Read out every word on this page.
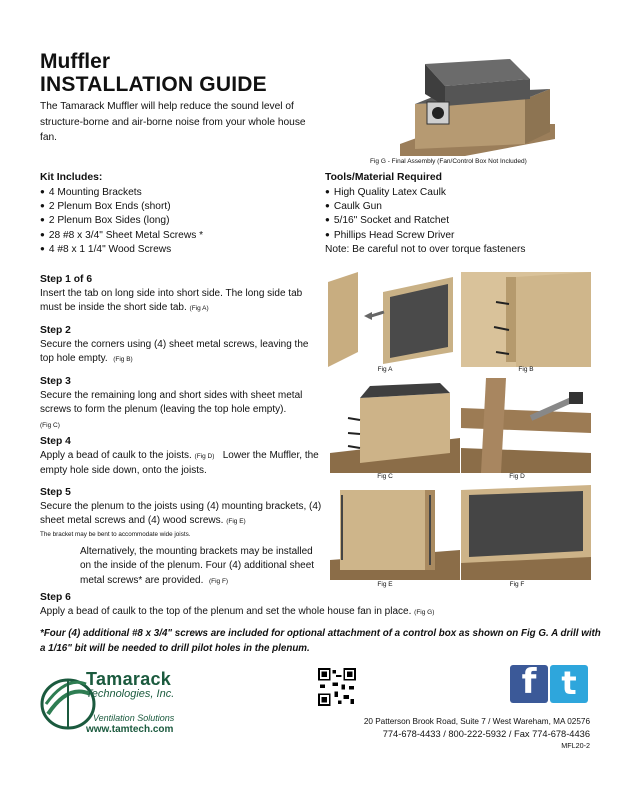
Muffler
INSTALLATION GUIDE
The Tamarack Muffler will help reduce the sound level of structure-borne and air-borne noise from your whole house fan.
Fig G - Final Assembly (Fan/Control Box Not Included)
Kit Includes:
● 4 Mounting Brackets
● 2 Plenum Box Ends (short)
● 2 Plenum Box Sides (long)
● 28 #8 x 3/4" Sheet Metal Screws *
● 4 #8 x 1 1/4" Wood Screws
Tools/Material Required
● High Quality Latex Caulk
● Caulk Gun
● 5/16" Socket and Ratchet
● Phillips Head Screw Driver
Note: Be careful not to over torque fasteners
Step 1 of 6
Insert the tab on long side into short side. The long side tab must be inside the short side tab. (Fig A)
Step 2
Secure the corners using (4) sheet metal screws, leaving the top hole empty. (Fig B)
Step 3
Secure the remaining long and short sides with sheet metal screws to form the plenum (leaving the top hole empty).
(Fig C)
Step 4
Apply a bead of caulk to the joists. (Fig D) Lower the Muffler, the empty hole side down, onto the joists.
Step 5
Secure the plenum to the joists using (4) mounting brackets, (4) sheet metal screws and (4) wood screws. (Fig E)
The bracket may be bent to accommodate wide joists.
Alternatively, the mounting brackets may be installed on the inside of the plenum. Four (4) additional sheet metal screws* are provided. (Fig F)
Step 6
Apply a bead of caulk to the top of the plenum and set the whole house fan in place. (Fig G)
Fig A	Fig B
Fig C	Fig D
Fig E	Fig F
*Four (4) additional #8 x 3/4" screws are included for optional attachment of a control box as shown on Fig G. A drill with a 1/16" bit will be needed to drill pilot holes in the plenum.
Tamarack
Technologies, Inc.
Ventilation Solutions
www.tamtech.com
f t
20 Patterson Brook Road, Suite 7 / West Wareham, MA 02576
774-678-4433 / 800-222-5932 / Fax 774-678-4436
MFL20-2
